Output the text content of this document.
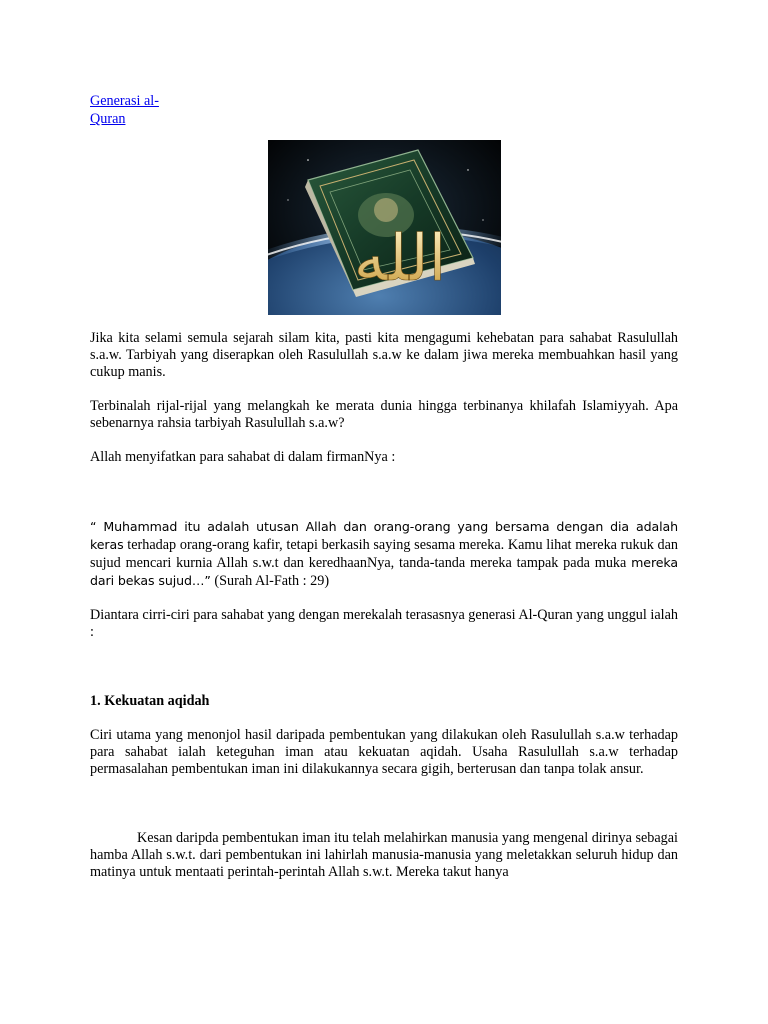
Generasi al-
Quran
الله

Jika kita selami semula sejarah silam kita, pasti kita mengagumi kehebatan para sahabat Rasulullah s.a.w. Tarbiyah yang diserapkan oleh Rasulullah s.a.w ke dalam jiwa mereka membuahkan hasil yang cukup manis.

Terbinalah rijal-rijal yang melangkah ke merata dunia hingga terbinanya khilafah Islamiyyah. Apa sebenarnya rahsia tarbiyah Rasulullah s.a.w?

Allah menyifatkan para sahabat di dalam firmanNya :

“ Muhammad itu adalah utusan Allah dan orang-orang yang bersama dengan dia adalah keras terhadap orang-orang kafir, tetapi berkasih saying sesama mereka. Kamu lihat mereka rukuk dan sujud mencari kurnia Allah s.w.t dan keredhaanNya, tanda-tanda mereka tampak pada muka mereka dari bekas sujud…” (Surah Al-Fath : 29)

Diantara cirri-ciri para sahabat yang dengan merekalah terasasnya generasi Al-Quran yang unggul ialah :

1. Kekuatan aqidah

Ciri utama yang menonjol hasil daripada pembentukan yang dilakukan oleh Rasulullah s.a.w terhadap para sahabat ialah keteguhan iman atau kekuatan aqidah. Usaha Rasulullah s.a.w terhadap permasalahan pembentukan iman ini dilakukannya secara gigih, berterusan dan tanpa tolak ansur.

Kesan daripda pembentukan iman itu telah melahirkan manusia yang mengenal dirinya sebagai hamba Allah s.w.t. dari pembentukan ini lahirlah manusia-manusia yang meletakkan seluruh hidup dan matinya untuk mentaati perintah-perintah Allah s.w.t. Mereka takut hanya
